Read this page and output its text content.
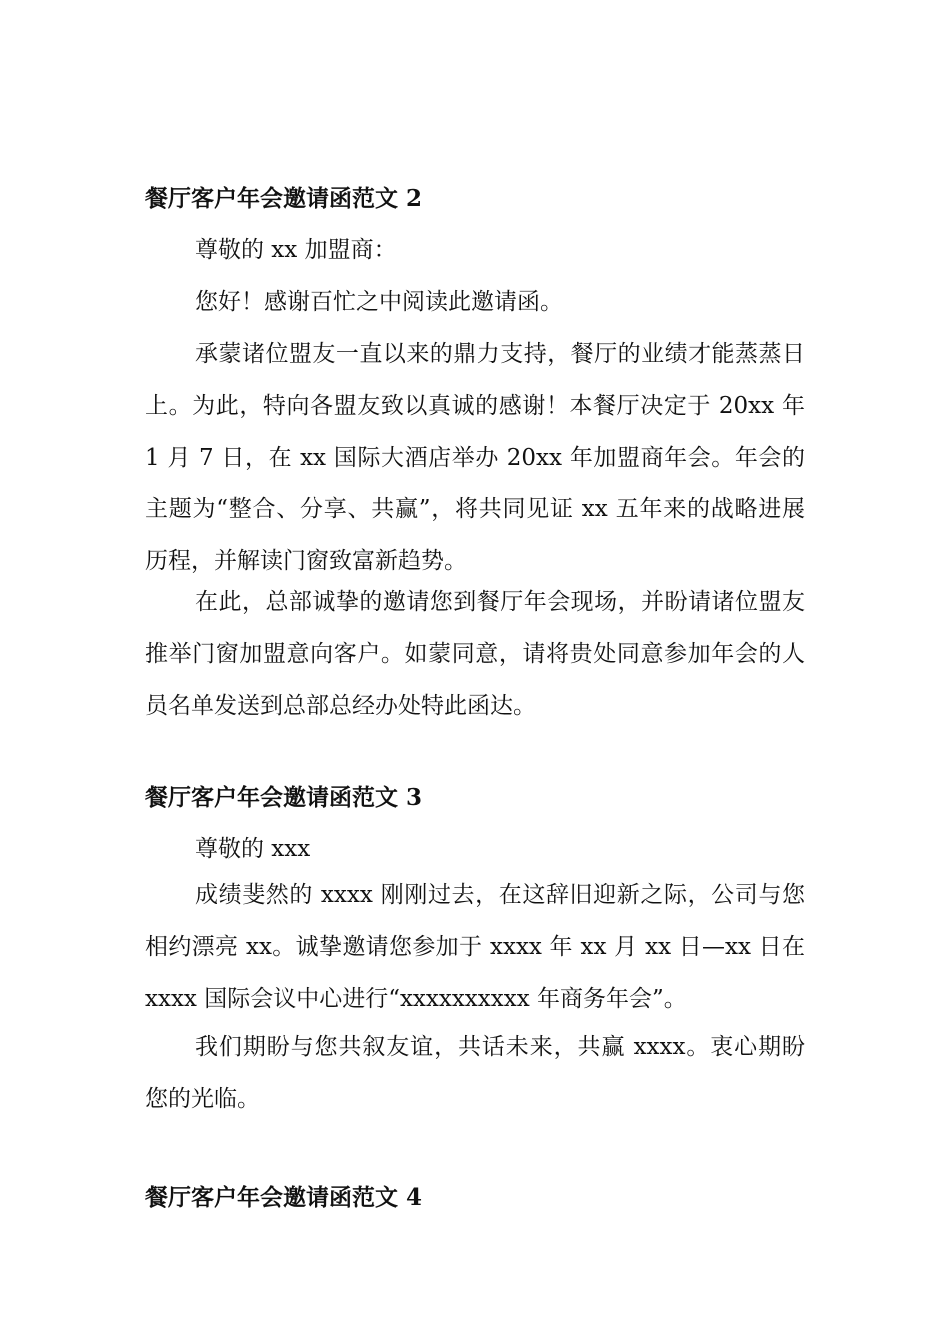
餐厅客户年会邀请函范文 2

尊敬的 xx 加盟商：

您好！感谢百忙之中阅读此邀请函。

承蒙诸位盟友一直以来的鼎力支持，餐厅的业绩才能蒸蒸日上。为此，特向各盟友致以真诚的感谢！本餐厅决定于 20xx 年 1 月 7 日，在 xx 国际大酒店举办 20xx 年加盟商年会。年会的主题为“整合、分享、共赢”，将共同见证 xx 五年来的战略进展历程，并解读门窗致富新趋势。

在此，总部诚挚的邀请您到餐厅年会现场，并盼请诸位盟友推举门窗加盟意向客户。如蒙同意，请将贵处同意参加年会的人员名单发送到总部总经办处特此函达。

餐厅客户年会邀请函范文 3

尊敬的 xxx

成绩斐然的 xxxx 刚刚过去，在这辞旧迎新之际，公司与您相约漂亮 xx。诚挚邀请您参加于 xxxx 年 xx 月 xx 日—xx 日在 xxxx 国际会议中心进行“xxxxxxxxxx 年商务年会”。

我们期盼与您共叙友谊，共话未来，共赢 xxxx。衷心期盼您的光临。

餐厅客户年会邀请函范文 4
